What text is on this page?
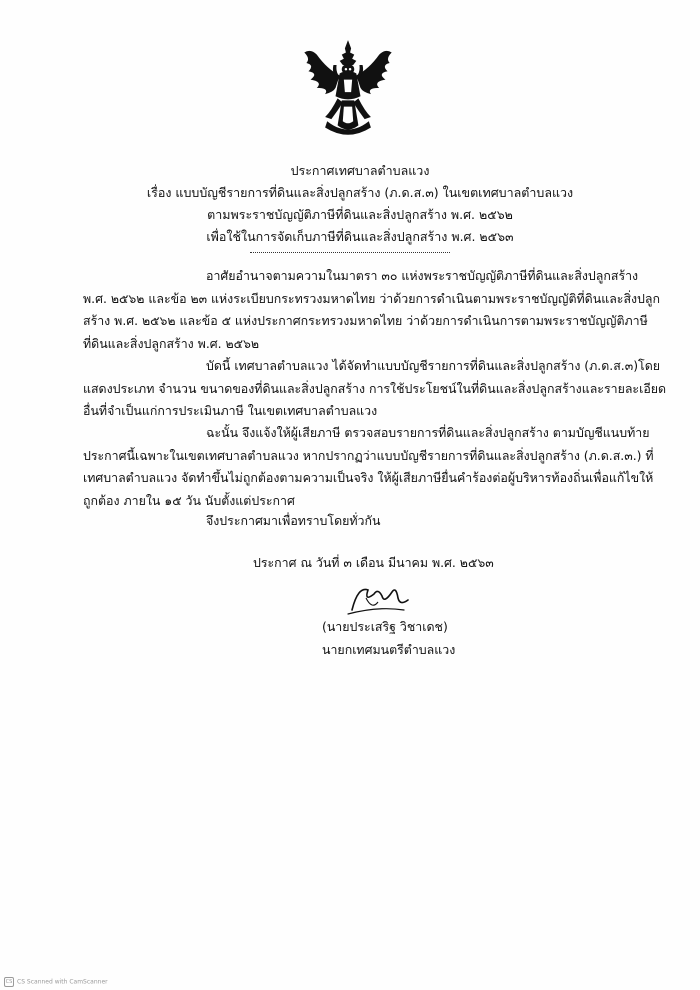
ประกาศเทศบาลตำบลแวง
เรื่อง แบบบัญชีรายการที่ดินและสิ่งปลูกสร้าง (ภ.ด.ส.๓) ในเขตเทศบาลตำบลแวง
ตามพระราชบัญญัติภาษีที่ดินและสิ่งปลูกสร้าง พ.ศ. ๒๕๖๒
เพื่อใช้ในการจัดเก็บภาษีที่ดินและสิ่งปลูกสร้าง พ.ศ. ๒๕๖๓
อาศัยอำนาจตามความในมาตรา ๓๐ แห่งพระราชบัญญัติภาษีที่ดินและสิ่งปลูกสร้าง
พ.ศ. ๒๕๖๒ และข้อ ๒๓ แห่งระเบียบกระทรวงมหาดไทย ว่าด้วยการดำเนินตามพระราชบัญญัติที่ดินและสิ่งปลูก
สร้าง พ.ศ. ๒๕๖๒ และข้อ ๕ แห่งประกาศกระทรวงมหาดไทย ว่าด้วยการดำเนินการตามพระราชบัญญัติภาษี
ที่ดินและสิ่งปลูกสร้าง พ.ศ. ๒๕๖๒
บัดนี้ เทศบาลตำบลแวง ได้จัดทำแบบบัญชีรายการที่ดินและสิ่งปลูกสร้าง (ภ.ด.ส.๓)โดย
แสดงประเภท จำนวน ขนาดของที่ดินและสิ่งปลูกสร้าง การใช้ประโยชน์ในที่ดินและสิ่งปลูกสร้างและรายละเอียด
อื่นที่จำเป็นแก่การประเมินภาษี ในเขตเทศบาลตำบลแวง
ฉะนั้น จึงแจ้งให้ผู้เสียภาษี ตรวจสอบรายการที่ดินและสิ่งปลูกสร้าง ตามบัญชีแนบท้าย
ประกาศนี้เฉพาะในเขตเทศบาลตำบลแวง หากปรากฏว่าแบบบัญชีรายการที่ดินและสิ่งปลูกสร้าง (ภ.ด.ส.๓.) ที่
เทศบาลตำบลแวง จัดทำขึ้นไม่ถูกต้องตามความเป็นจริง ให้ผู้เสียภาษียื่นคำร้องต่อผู้บริหารท้องถิ่นเพื่อแก้ไขให้
ถูกต้อง ภายใน ๑๕ วัน นับตั้งแต่ประกาศ
จึงประกาศมาเพื่อทราบโดยทั่วกัน
ประกาศ ณ วันที่ ๓ เดือน มีนาคม พ.ศ. ๒๕๖๓
(นายประเสริฐ วิชาเดช)
นายกเทศมนตรีตำบลแวง
CS CS Scanned with CamScanner
